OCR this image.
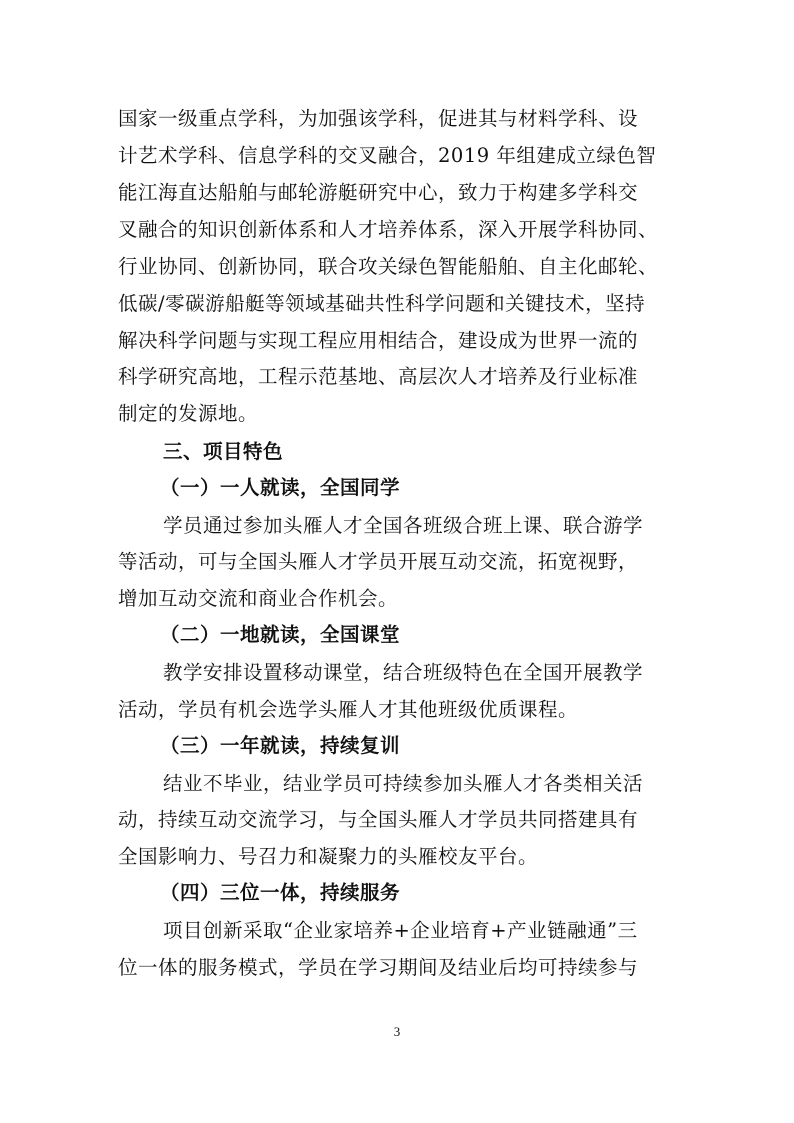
国家一级重点学科，为加强该学科，促进其与材料学科、设
计艺术学科、信息学科的交叉融合，2019 年组建成立绿色智
能江海直达船舶与邮轮游艇研究中心，致力于构建多学科交
叉融合的知识创新体系和人才培养体系，深入开展学科协同、
行业协同、创新协同，联合攻关绿色智能船舶、自主化邮轮、
低碳/零碳游船艇等领域基础共性科学问题和关键技术，坚持
解决科学问题与实现工程应用相结合，建设成为世界一流的
科学研究高地，工程示范基地、高层次人才培养及行业标准
制定的发源地。
三、项目特色
（一）一人就读，全国同学
学员通过参加头雁人才全国各班级合班上课、联合游学
等活动，可与全国头雁人才学员开展互动交流，拓宽视野，
增加互动交流和商业合作机会。
（二）一地就读，全国课堂
教学安排设置移动课堂，结合班级特色在全国开展教学
活动，学员有机会选学头雁人才其他班级优质课程。
（三）一年就读，持续复训
结业不毕业，结业学员可持续参加头雁人才各类相关活
动，持续互动交流学习，与全国头雁人才学员共同搭建具有
全国影响力、号召力和凝聚力的头雁校友平台。
（四）三位一体，持续服务
项目创新采取“企业家培养+企业培育+产业链融通”三
位一体的服务模式，学员在学习期间及结业后均可持续参与
3
